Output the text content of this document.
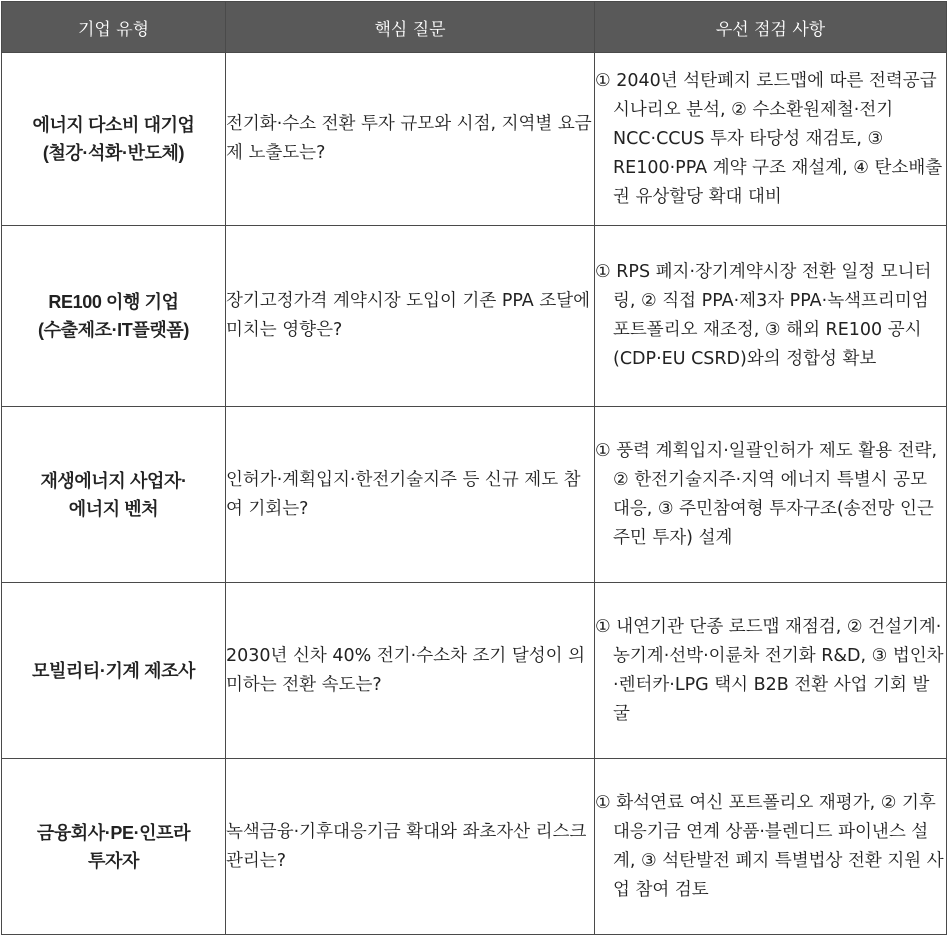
기업 유형	핵심 질문	우선 점검 사항

에너지 다소비 대기업
(철강·석화·반도체)	전기화·수소 전환 투자 규모와 시점, 지역별 요금제 노출도는?	① 2040년 석탄폐지 로드맵에 따른 전력공급 시나리오 분석, ② 수소환원제철·전기 NCC·CCUS 투자 타당성 재검토, ③ RE100·PPA 계약 구조 재설계, ④ 탄소배출권 유상할당 확대 대비

RE100 이행 기업
(수출제조·IT플랫폼)	장기고정가격 계약시장 도입이 기존 PPA 조달에 미치는 영향은?	① RPS 폐지·장기계약시장 전환 일정 모니터링, ② 직접 PPA·제3자 PPA·녹색프리미엄 포트폴리오 재조정, ③ 해외 RE100 공시(CDP·EU CSRD)와의 정합성 확보

재생에너지 사업자·
에너지 벤처	인허가·계획입지·한전기술지주 등 신규 제도 참여 기회는?	① 풍력 계획입지·일괄인허가 제도 활용 전략, ② 한전기술지주·지역 에너지 특별시 공모 대응, ③ 주민참여형 투자구조(송전망 인근 주민 투자) 설계

모빌리티·기계 제조사	2030년 신차 40% 전기·수소차 조기 달성이 의미하는 전환 속도는?	① 내연기관 단종 로드맵 재점검, ② 건설기계·농기계·선박·이륜차 전기화 R&D, ③ 법인차·렌터카·LPG 택시 B2B 전환 사업 기회 발굴

금융회사·PE·인프라
투자자	녹색금융·기후대응기금 확대와 좌초자산 리스크 관리는?	① 화석연료 여신 포트폴리오 재평가, ② 기후대응기금 연계 상품·블렌디드 파이낸스 설계, ③ 석탄발전 폐지 특별법상 전환 지원 사업 참여 검토
